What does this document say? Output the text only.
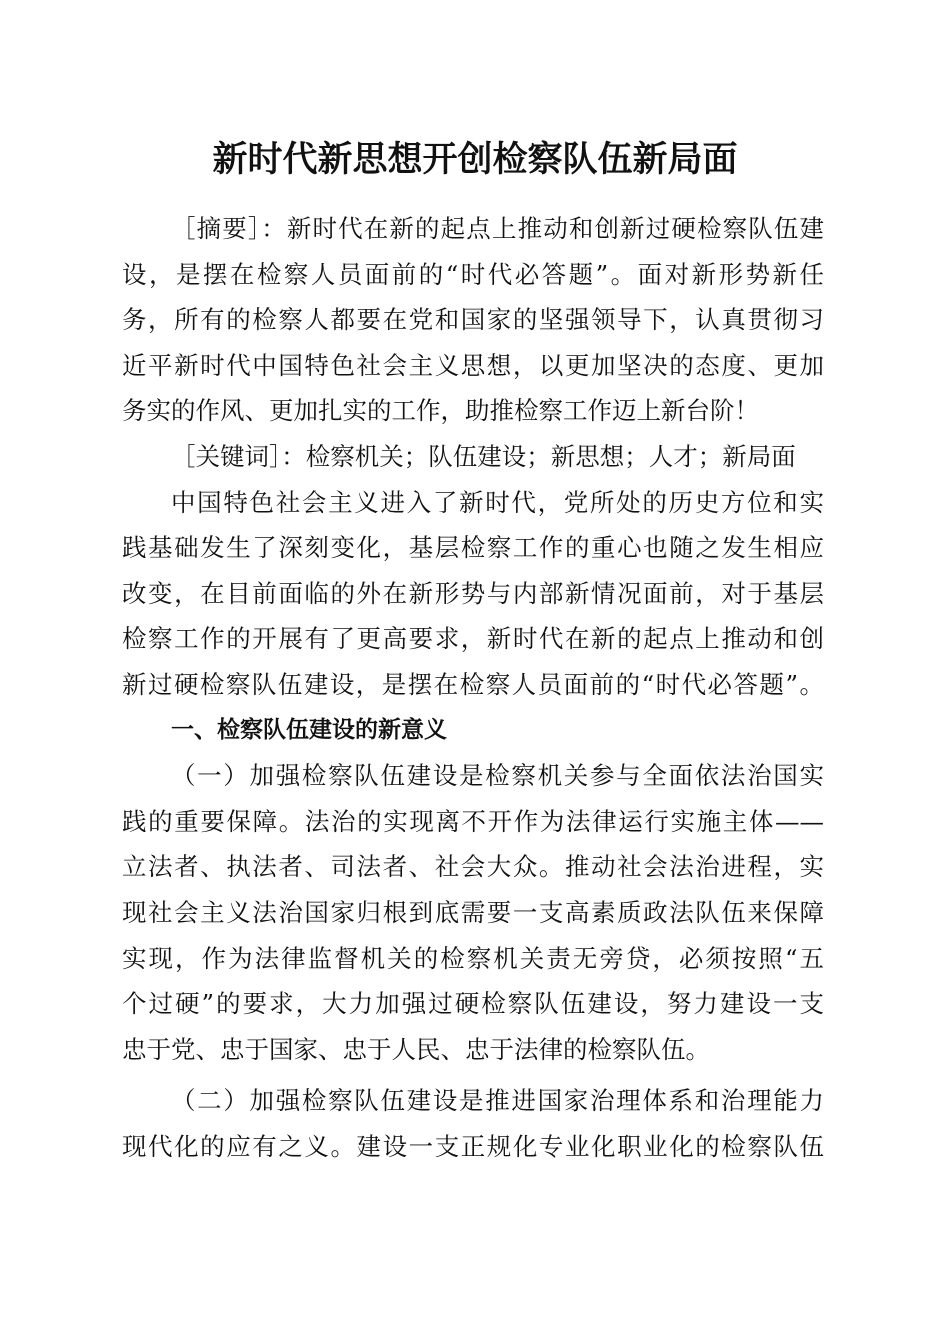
新时代新思想开创检察队伍新局面
［摘要］：新时代在新的起点上推动和创新过硬检察队伍建
设，是摆在检察人员面前的“时代必答题”。面对新形势新任
务，所有的检察人都要在党和国家的坚强领导下，认真贯彻习
近平新时代中国特色社会主义思想，以更加坚决的态度、更加
务实的作风、更加扎实的工作，助推检察工作迈上新台阶！
［关键词］：检察机关；队伍建设；新思想；人才；新局面
中国特色社会主义进入了新时代，党所处的历史方位和实
践基础发生了深刻变化，基层检察工作的重心也随之发生相应
改变，在目前面临的外在新形势与内部新情况面前，对于基层
检察工作的开展有了更高要求，新时代在新的起点上推动和创
新过硬检察队伍建设，是摆在检察人员面前的“时代必答题”。
一、检察队伍建设的新意义
（一）加强检察队伍建设是检察机关参与全面依法治国实
践的重要保障。法治的实现离不开作为法律运行实施主体——
立法者、执法者、司法者、社会大众。推动社会法治进程，实
现社会主义法治国家归根到底需要一支高素质政法队伍来保障
实现，作为法律监督机关的检察机关责无旁贷，必须按照“五
个过硬”的要求，大力加强过硬检察队伍建设，努力建设一支
忠于党、忠于国家、忠于人民、忠于法律的检察队伍。
（二）加强检察队伍建设是推进国家治理体系和治理能力
现代化的应有之义。建设一支正规化专业化职业化的检察队伍
